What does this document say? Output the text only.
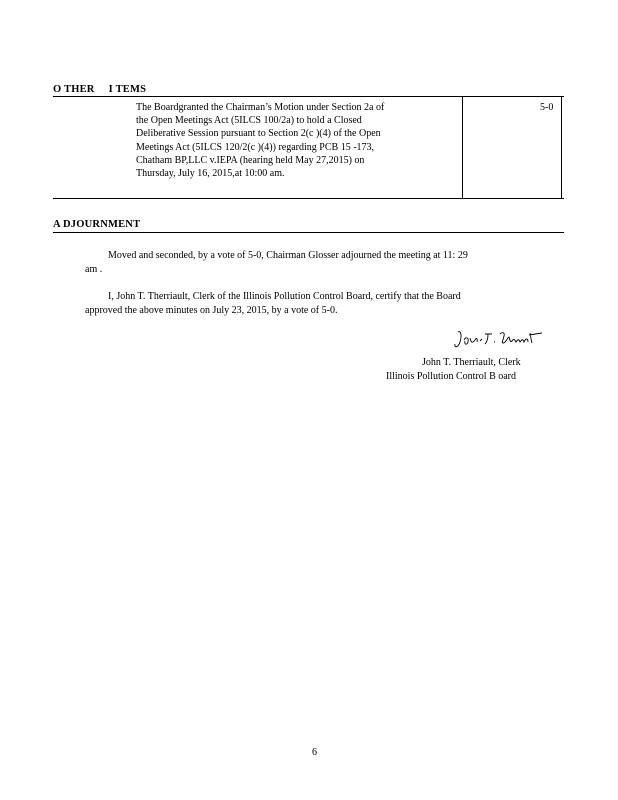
O THER     I TEMS
The Boardgranted the Chairman’s Motion under Section 2a of
the Open Meetings Act (5ILCS 100/2a) to hold a Closed
Deliberative Session pursuant to Section 2(c )(4) of the Open
Meetings Act (5ILCS 120/2(c )(4)) regarding PCB 15 -173,
Chatham BP,LLC v.IEPA (hearing held May 27,2015) on
Thursday, July 16, 2015,at 10:00 am.
5-0
A DJOURNMENT
Moved and seconded, by a vote of 5-0, Chairman Glosser adjourned the meeting at 11: 29
am .
I, John T. Therriault, Clerk of the Illinois Pollution Control Board, certify that the Board
approved the above minutes on July 23, 2015, by a vote of 5-0.
John T. Therriault, Clerk
Illinois Pollution Control B oard
6
